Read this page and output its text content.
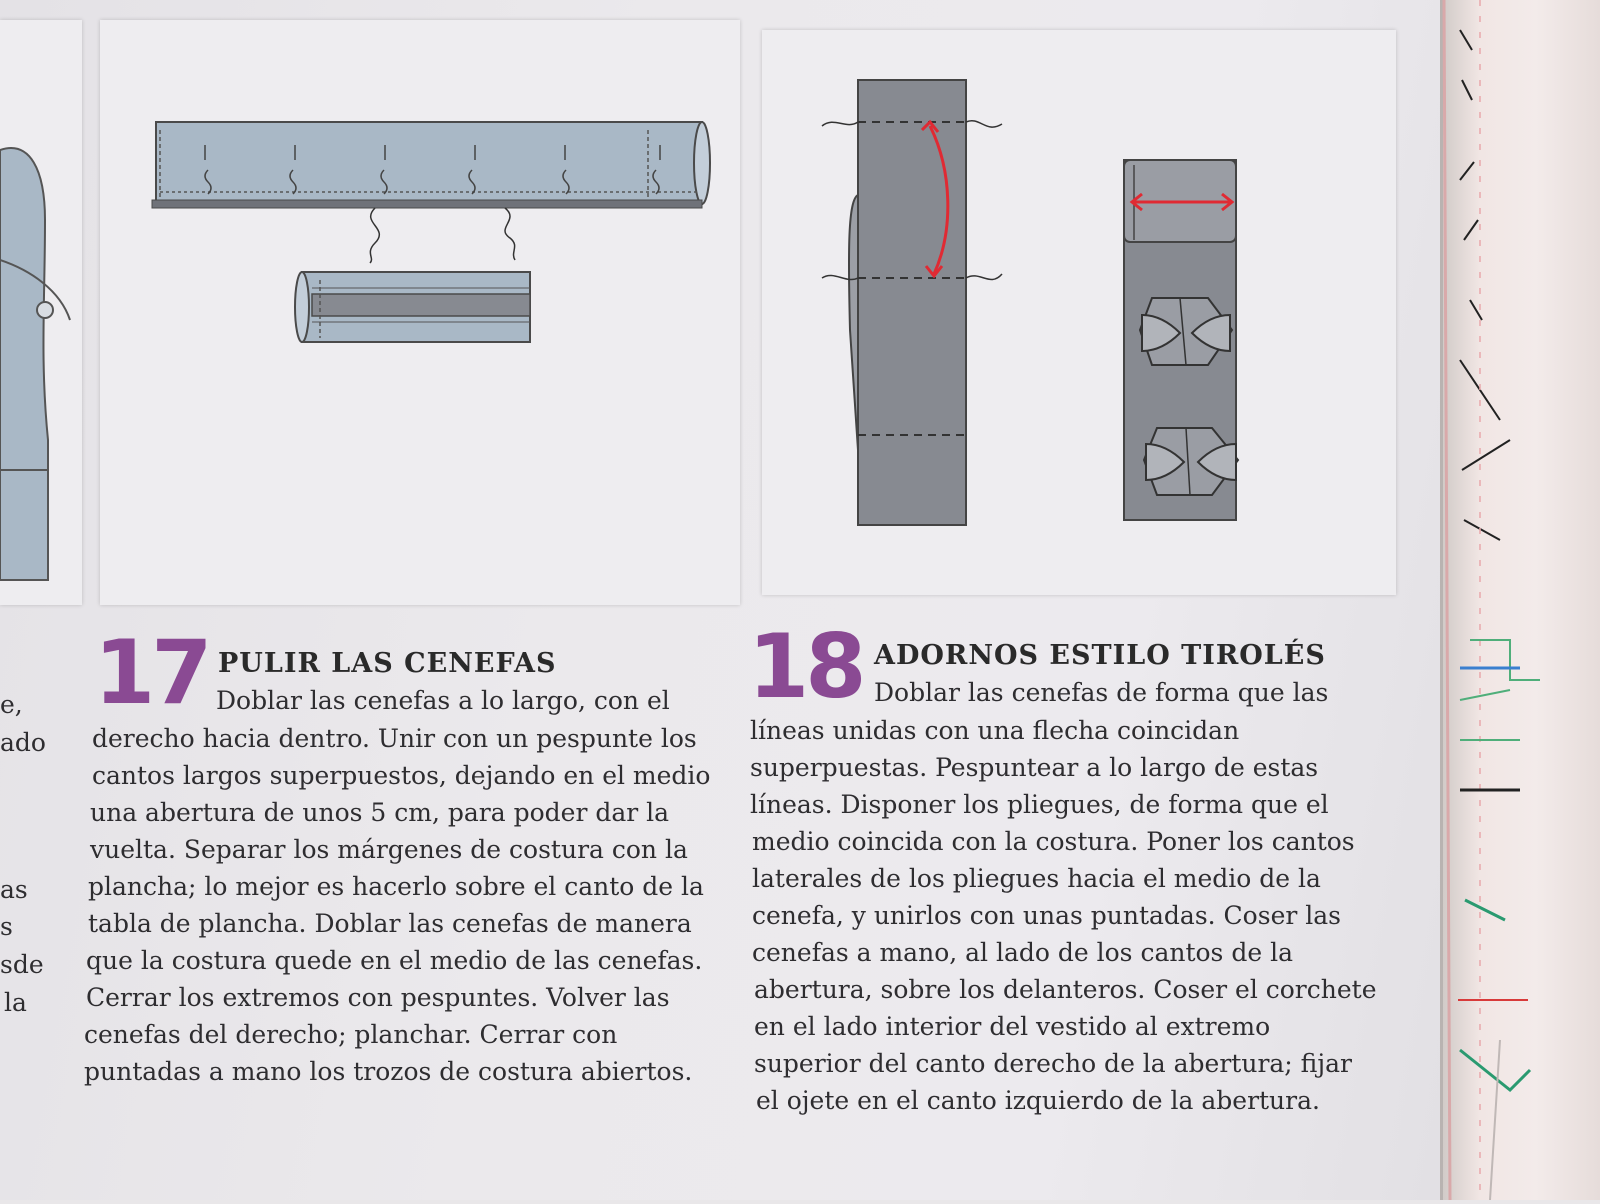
e,
ado
as
s
sde
la
17 PULIR LAS CENEFAS
Doblar las cenefas a lo largo, con el
derecho hacia dentro. Unir con un pespunte los
cantos largos superpuestos, dejando en el medio
una abertura de unos 5 cm, para poder dar la
vuelta. Separar los márgenes de costura con la
plancha; lo mejor es hacerlo sobre el canto de la
tabla de plancha. Doblar las cenefas de manera
que la costura quede en el medio de las cenefas.
Cerrar los extremos con pespuntes. Volver las
cenefas del derecho; planchar. Cerrar con
puntadas a mano los trozos de costura abiertos.
18 ADORNOS ESTILO TIROLÉS
Doblar las cenefas de forma que las
líneas unidas con una flecha coincidan
superpuestas. Pespuntear a lo largo de estas
líneas. Disponer los pliegues, de forma que el
medio coincida con la costura. Poner los cantos
laterales de los pliegues hacia el medio de la
cenefa, y unirlos con unas puntadas. Coser las
cenefas a mano, al lado de los cantos de la
abertura, sobre los delanteros. Coser el corchete
en el lado interior del vestido al extremo
superior del canto derecho de la abertura; fijar
el ojete en el canto izquierdo de la abertura.
